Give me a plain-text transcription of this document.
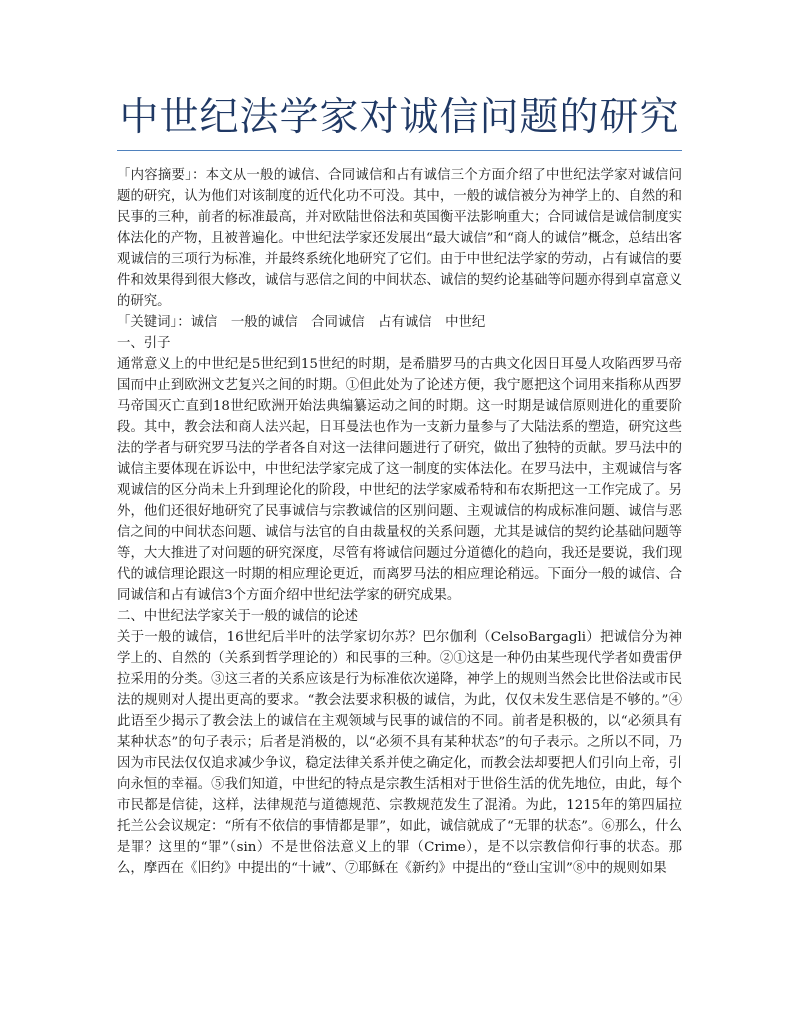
中世纪法学家对诚信问题的研究

「内容摘要」：本文从一般的诚信、合同诚信和占有诚信三个方面介绍了中世纪法学家对诚信问题的研究，认为他们对该制度的近代化功不可没。其中，一般的诚信被分为神学上的、自然的和民事的三种，前者的标准最高，并对欧陆世俗法和英国衡平法影响重大；合同诚信是诚信制度实体法化的产物，且被普遍化。中世纪法学家还发展出“最大诚信”和“商人的诚信”概念，总结出客观诚信的三项行为标准，并最终系统化地研究了它们。由于中世纪法学家的劳动，占有诚信的要件和效果得到很大修改，诚信与恶信之间的中间状态、诚信的契约论基础等问题亦得到卓富意义的研究。

「关键词」：诚信　一般的诚信　合同诚信　占有诚信　中世纪

一、引子

通常意义上的中世纪是5世纪到15世纪的时期，是希腊罗马的古典文化因日耳曼人攻陷西罗马帝国而中止到欧洲文艺复兴之间的时期。①但此处为了论述方便，我宁愿把这个词用来指称从西罗马帝国灭亡直到18世纪欧洲开始法典编纂运动之间的时期。这一时期是诚信原则进化的重要阶段。其中，教会法和商人法兴起，日耳曼法也作为一支新力量参与了大陆法系的塑造，研究这些法的学者与研究罗马法的学者各自对这一法律问题进行了研究，做出了独特的贡献。罗马法中的诚信主要体现在诉讼中，中世纪法学家完成了这一制度的实体法化。在罗马法中，主观诚信与客观诚信的区分尚未上升到理论化的阶段，中世纪的法学家威希特和布农斯把这一工作完成了。另外，他们还很好地研究了民事诚信与宗教诚信的区别问题、主观诚信的构成标准问题、诚信与恶信之间的中间状态问题、诚信与法官的自由裁量权的关系问题，尤其是诚信的契约论基础问题等等，大大推进了对问题的研究深度，尽管有将诚信问题过分道德化的趋向，我还是要说，我们现代的诚信理论跟这一时期的相应理论更近，而离罗马法的相应理论稍远。下面分一般的诚信、合同诚信和占有诚信3个方面介绍中世纪法学家的研究成果。

二、中世纪法学家关于一般的诚信的论述

关于一般的诚信，16世纪后半叶的法学家切尔苏？巴尔伽利（CelsoBargagli）把诚信分为神学上的、自然的（关系到哲学理论的）和民事的三种。②①这是一种仍由某些现代学者如费雷伊拉采用的分类。③这三者的关系应该是行为标准依次递降，神学上的规则当然会比世俗法或市民法的规则对人提出更高的要求。“教会法要求积极的诚信，为此，仅仅未发生恶信是不够的。”④此语至少揭示了教会法上的诚信在主观领域与民事的诚信的不同。前者是积极的，以“必须具有某种状态”的句子表示；后者是消极的，以“必须不具有某种状态”的句子表示。之所以不同，乃因为市民法仅仅追求减少争议，稳定法律关系并使之确定化，而教会法却要把人们引向上帝，引向永恒的幸福。⑤我们知道，中世纪的特点是宗教生活相对于世俗生活的优先地位，由此，每个市民都是信徒，这样，法律规范与道德规范、宗教规范发生了混淆。为此，1215年的第四届拉托兰公会议规定：“所有不依信的事情都是罪”，如此，诚信就成了“无罪的状态”。⑥那么，什么是罪？这里的“罪”（sin）不是世俗法意义上的罪（Crime），是不以宗教信仰行事的状态。那么，摩西在《旧约》中提出的“十诫”、⑦耶稣在《新约》中提出的“登山宝训”⑧中的规则如果
